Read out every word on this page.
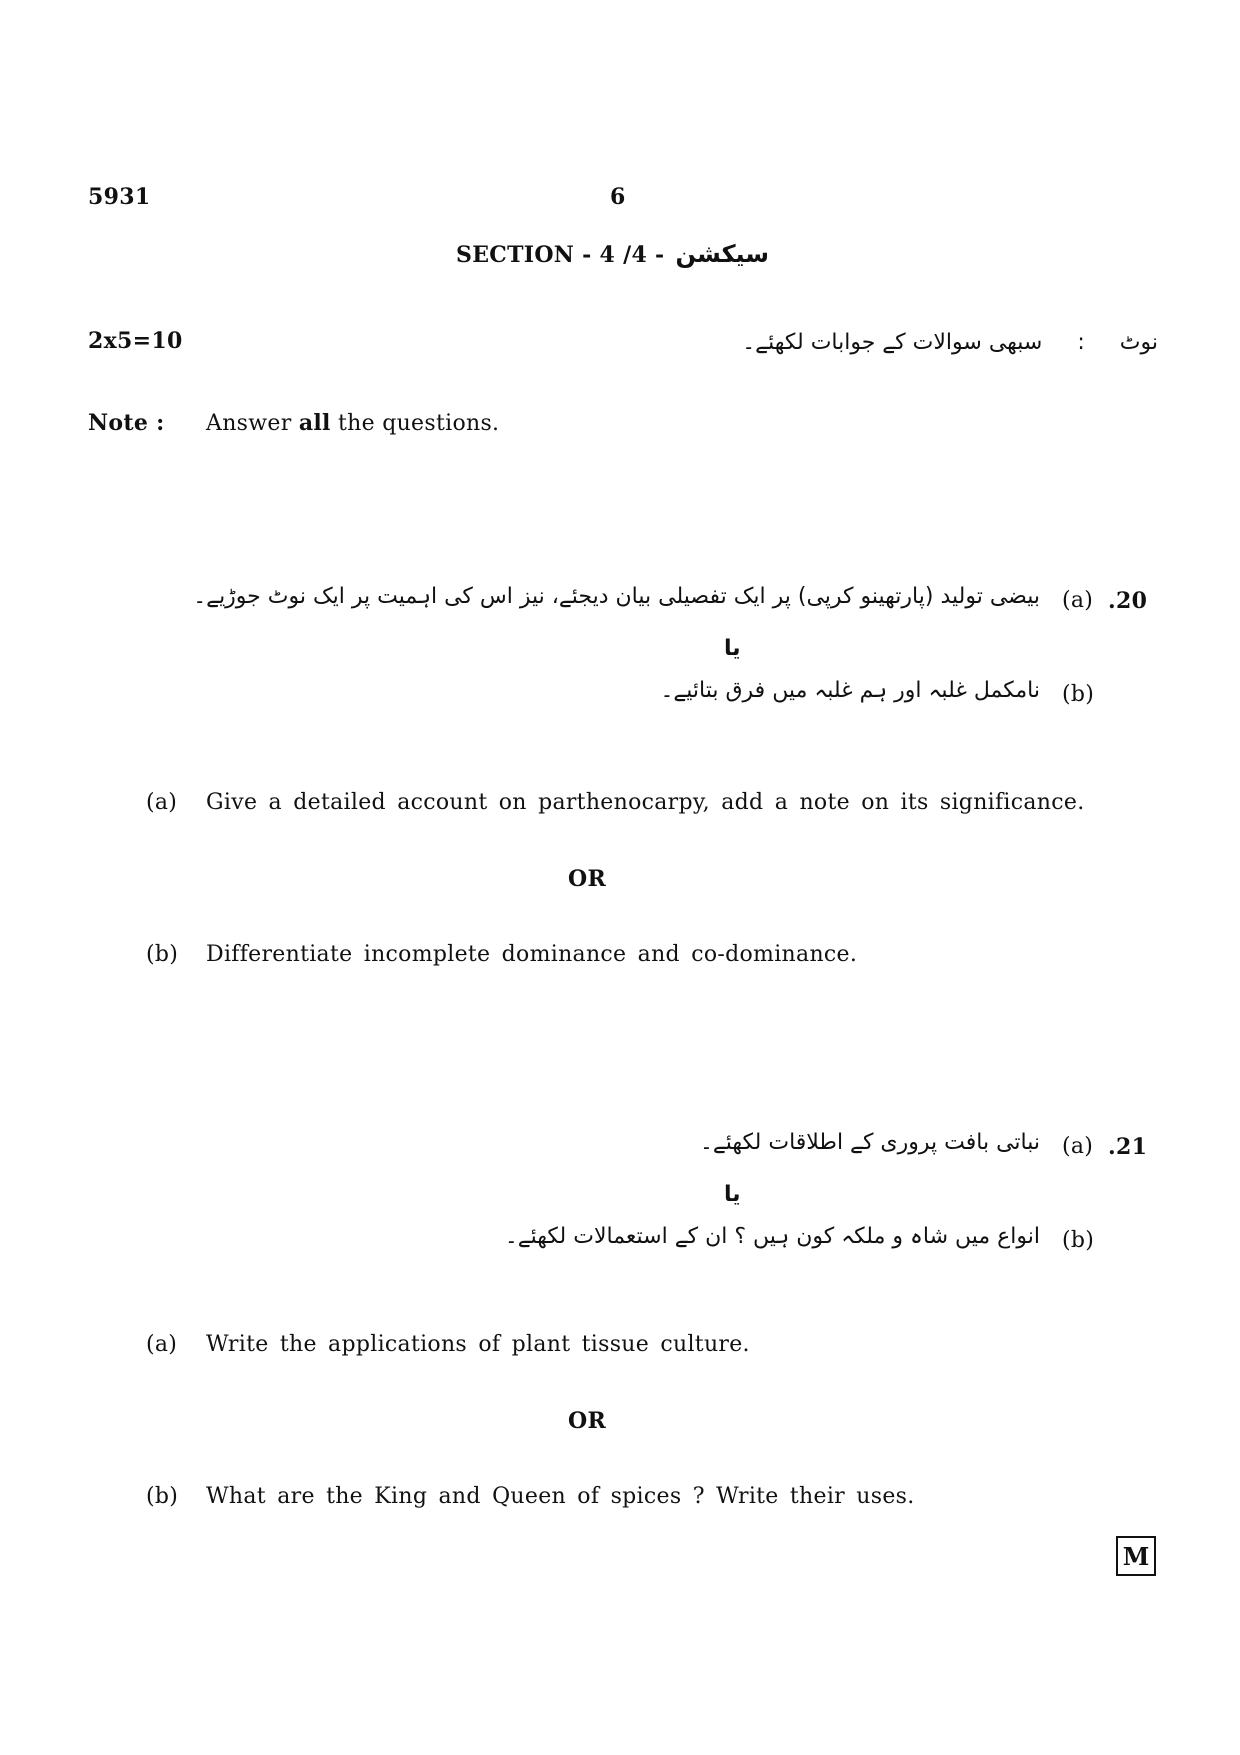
5931	6
SECTION - 4 /4 - سیکشن
2x5=10	نوٹ : سبھی سوالات کے جوابات لکھئے۔
Note : Answer all the questions.
.20
(a)
بیضی تولید (پارتھینو کرپی) پر ایک تفصیلی بیان دیجئے، نیز اس کی اہمیت پر ایک نوٹ جوڑیے۔
یا
(b)
نامکمل غلبہ اور ہم غلبہ میں فرق بتائیے۔
(a) Give a detailed account on parthenocarpy, add a note on its significance.
OR
(b) Differentiate incomplete dominance and co-dominance.
.21
(a)
نباتی بافت پروری کے اطلاقات لکھئے۔
یا
(b)
انواع میں شاہ و ملکہ کون ہیں ؟ ان کے استعمالات لکھئے۔
(a) Write the applications of plant tissue culture.
OR
(b) What are the King and Queen of spices ? Write their uses.
M
